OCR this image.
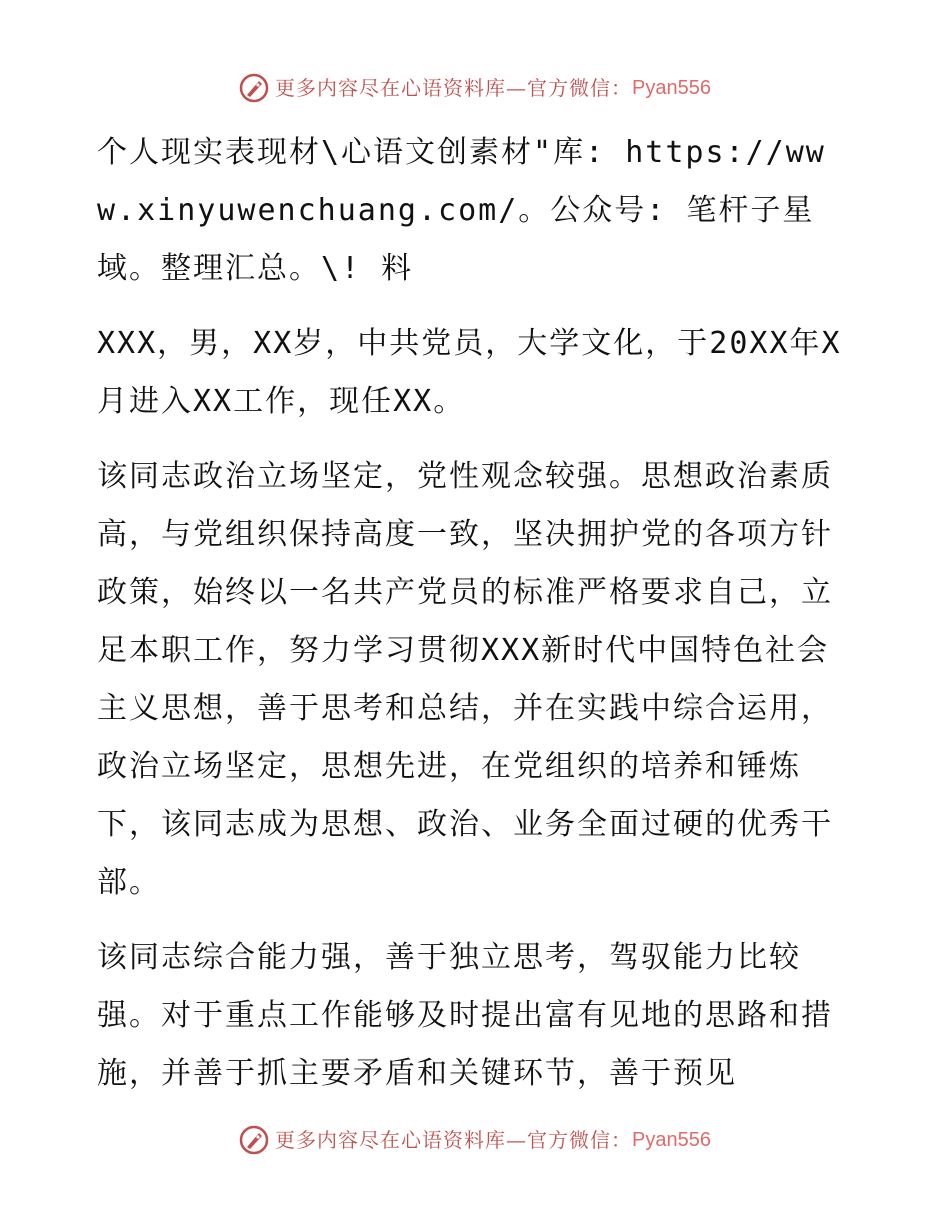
更多内容尽在心语资料库—官方微信： Pyan556

个人现实表现材\心语文创素材"库: https://www.xinyuwenchuang.com/。公众号: 笔杆子星域。整理汇总。\! 料

XXX，男，XX岁，中共党员，大学文化，于20XX年X月进入XX工作，现任XX。

该同志政治立场坚定，党性观念较强。思想政治素质高，与党组织保持高度一致，坚决拥护党的各项方针政策，始终以一名共产党员的标准严格要求自己，立足本职工作，努力学习贯彻XXX新时代中国特色社会主义思想，善于思考和总结，并在实践中综合运用，政治立场坚定，思想先进，在党组织的培养和锤炼下，该同志成为思想、政治、业务全面过硬的优秀干部。

该同志综合能力强，善于独立思考，驾驭能力比较强。对于重点工作能够及时提出富有见地的思路和措施，并善于抓主要矛盾和关键环节，善于预见

更多内容尽在心语资料库—官方微信： Pyan556
